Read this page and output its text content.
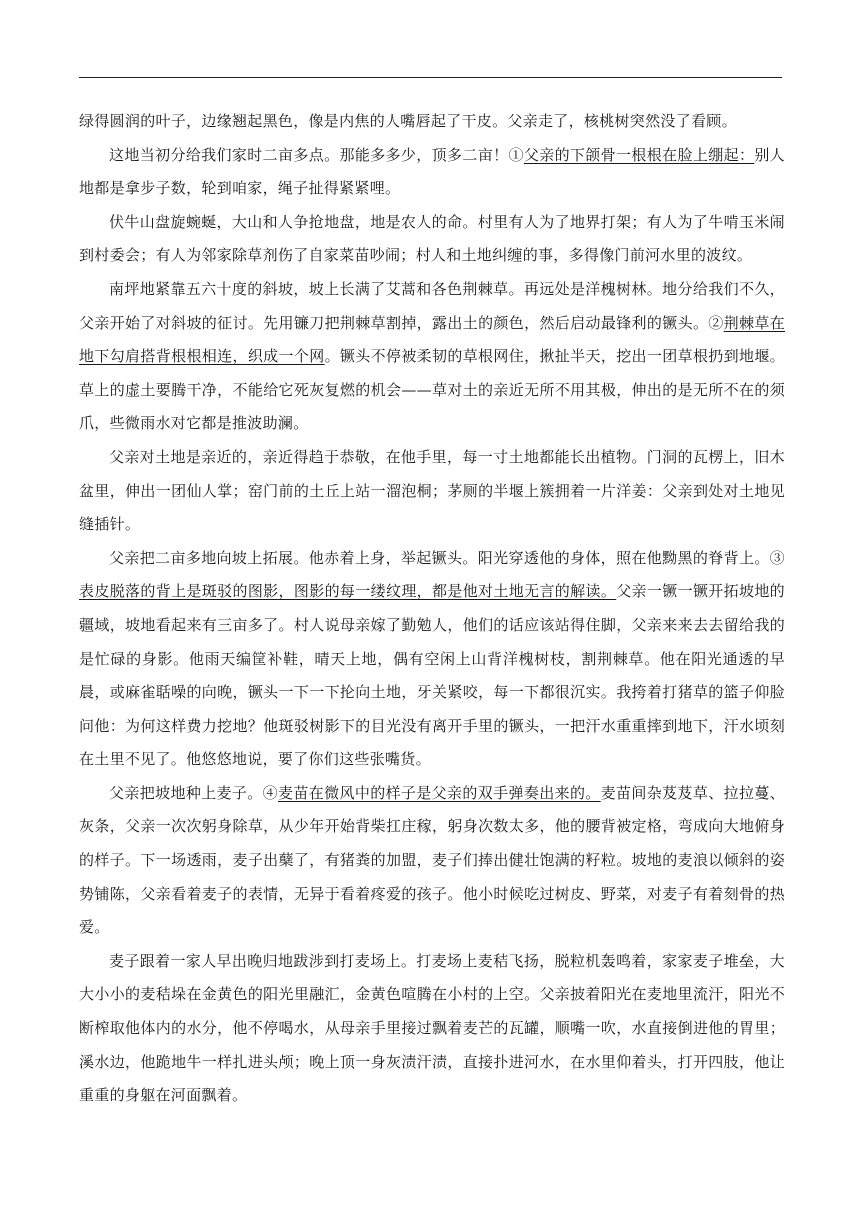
绿得圆润的叶子，边缘翘起黑色，像是内焦的人嘴唇起了干皮。父亲走了，核桃树突然没了看顾。

这地当初分给我们家时二亩多点。那能多多少，顶多二亩！①父亲的下颌骨一根根在脸上绷起：别人地都是拿步子数，轮到咱家，绳子扯得紧紧哩。

伏牛山盘旋蜿蜒，大山和人争抢地盘，地是农人的命。村里有人为了地界打架；有人为了牛啃玉米闹到村委会；有人为邻家除草剂伤了自家菜苗吵闹；村人和土地纠缠的事，多得像门前河水里的波纹。

南坪地紧靠五六十度的斜坡，坡上长满了艾蒿和各色荆棘草。再远处是洋槐树林。地分给我们不久，父亲开始了对斜坡的征讨。先用镰刀把荆棘草割掉，露出土的颜色，然后启动最锋利的镢头。②荆棘草在地下勾肩搭背根根相连，织成一个网。镢头不停被柔韧的草根网住，揪扯半天，挖出一团草根扔到地堰。草上的虚土要腾干净，不能给它死灰复燃的机会——草对土的亲近无所不用其极，伸出的是无所不在的须爪，些微雨水对它都是推波助澜。

父亲对土地是亲近的，亲近得趋于恭敬，在他手里，每一寸土地都能长出植物。门洞的瓦楞上，旧木盆里，伸出一团仙人掌；窑门前的土丘上站一溜泡桐；茅厕的半堰上簇拥着一片洋姜：父亲到处对土地见缝插针。

父亲把二亩多地向坡上拓展。他赤着上身，举起镢头。阳光穿透他的身体，照在他黝黑的脊背上。③表皮脱落的背上是斑驳的图影，图影的每一缕纹理，都是他对土地无言的解读。父亲一镢一镢开拓坡地的疆域，坡地看起来有三亩多了。村人说母亲嫁了勤勉人，他们的话应该站得住脚，父亲来来去去留给我的是忙碌的身影。他雨天编筐补鞋，晴天上地，偶有空闲上山背洋槐树枝，割荆棘草。他在阳光通透的早晨，或麻雀聒噪的向晚，镢头一下一下抡向土地，牙关紧咬，每一下都很沉实。我挎着打猪草的篮子仰脸问他：为何这样费力挖地？他斑驳树影下的目光没有离开手里的镢头，一把汗水重重摔到地下，汗水顷刻在土里不见了。他悠悠地说，要了你们这些张嘴货。

父亲把坡地种上麦子。④麦苗在微风中的样子是父亲的双手弹奏出来的。麦苗间杂芨芨草、拉拉蔓、灰条，父亲一次次躬身除草，从少年开始背柴扛庄稼，躬身次数太多，他的腰背被定格，弯成向大地俯身的样子。下一场透雨，麦子出蘖了，有猪粪的加盟，麦子们捧出健壮饱满的籽粒。坡地的麦浪以倾斜的姿势铺陈，父亲看着麦子的表情，无异于看着疼爱的孩子。他小时候吃过树皮、野菜，对麦子有着刻骨的热爱。

麦子跟着一家人早出晚归地跋涉到打麦场上。打麦场上麦秸飞扬，脱粒机轰鸣着，家家麦子堆垒，大大小小的麦秸垛在金黄色的阳光里融汇，金黄色喧腾在小村的上空。父亲披着阳光在麦地里流汗，阳光不断榨取他体内的水分，他不停喝水，从母亲手里接过飘着麦芒的瓦罐，顺嘴一吹，水直接倒进他的胃里；溪水边，他跪地牛一样扎进头颅；晚上顶一身灰渍汗渍，直接扑进河水，在水里仰着头，打开四肢，他让重重的身躯在河面飘着。
